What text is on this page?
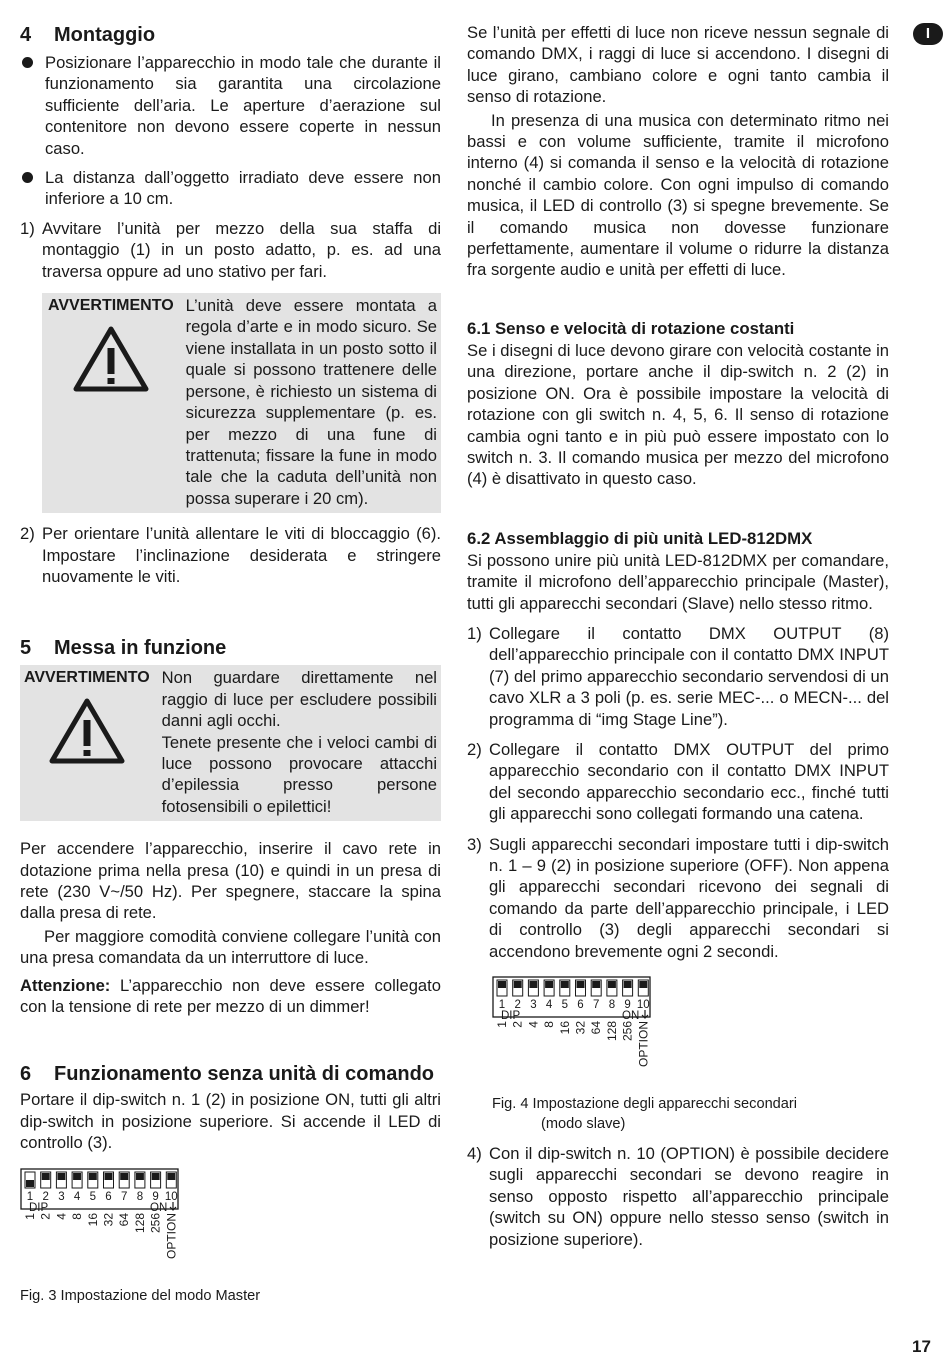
I
4	Montaggio

Posizionare l’apparecchio in modo tale che durante il funzionamento sia garantita una circolazione sufficiente dell’aria. Le aperture d’aerazione sul contenitore non devono essere coperte in nessun caso.

La distanza dall’oggetto irradiato deve essere non inferiore a 10 cm.

1) Avvitare l’unità per mezzo della sua staffa di montaggio (1) in un posto adatto, p. es. ad una traversa oppure ad uno stativo per fari.

AVVERTIMENTO L’unità deve essere montata a regola d’arte e in modo sicuro. Se viene installata in un posto sotto il quale si possono trattenere delle persone, è richiesto un sistema di sicurezza supplementare (p. es. per mezzo di una fune di trattenuta; fissare la fune in modo tale che la caduta dell’unità non possa superare i 20 cm).

2) Per orientare l’unità allentare le viti di bloccaggio (6). Impostare l’inclinazione desiderata e stringere nuovamente le viti.

5	Messa in funzione
AVVERTIMENTO Non guardare direttamente nel raggio di luce per escludere possibili danni agli occhi.

Tenete presente che i veloci cambi di luce possono provocare attacchi d’epilessia presso persone fotosensibili o epilettici!

Per accendere l’apparecchio, inserire il cavo rete in dotazione prima nella presa (10) e quindi in un presa di rete (230 V~/50 Hz). Per spegnere, staccare la spina dalla presa di rete.

Per maggiore comodità conviene collegare l’unità con una presa comandata da un interruttore di luce.

Attenzione: L’apparecchio non deve essere collegato con la tensione di rete per mezzo di un dimmer!

6	Funzionamento senza unità di comando

Portare il dip-switch n. 1 (2) in posizione ON, tutti gli altri dip-switch in posizione superiore. Si accende il LED di controllo (3).

1
1
2
2
3
4
4
8
5
16
6
32
7
64
8
128
9
256
10
OPTION
DIP	ON

Fig. 3 Impostazione del modo Master

Se l’unità per effetti di luce non riceve nessun segnale di comando DMX, i raggi di luce si accendono. I disegni di luce girano, cambiano colore e ogni tanto cambia il senso di rotazione.

In presenza di una musica con determinato ritmo nei bassi e con volume sufficiente, tramite il microfono interno (4) si comanda il senso e la velocità di rotazione nonché il cambio colore. Con ogni impulso di comando musica, il LED di controllo (3) si spegne brevemente. Se il comando musica non dovesse funzionare perfettamente, aumentare il volume o ridurre la distanza fra sorgente audio e unità per effetti di luce.

6.1 Senso e velocità di rotazione costanti

Se i disegni di luce devono girare con velocità costante in una direzione, portare anche il dip-switch n. 2 (2) in posizione ON. Ora è possibile impostare la velocità di rotazione con gli switch n. 4, 5, 6. Il senso di rotazione cambia ogni tanto e in più può essere impostato con lo switch n. 3. Il comando musica per mezzo del microfono (4) è disattivato in questo caso.

6.2 Assemblaggio di più unità LED-812DMX

Si possono unire più unità LED-812DMX per comandare, tramite il microfono dell’apparecchio principale (Master), tutti gli apparecchi secondari (Slave) nello stesso ritmo.

1) Collegare il contatto DMX OUTPUT (8) dell’apparecchio principale con il contatto DMX INPUT (7) del primo apparecchio secondario servendosi di un cavo XLR a 3 poli (p. es. serie MEC-... o MECN-... del programma di “img Stage Line”).

2) Collegare il contatto DMX OUTPUT del primo apparecchio secondario con il contatto DMX INPUT del secondo apparecchio secondario ecc., finché tutti gli apparecchi sono collegati formando una catena.

3) Sugli apparecchi secondari impostare tutti i dip-switch n. 1 – 9 (2) in posizione superiore (OFF). Non appena gli apparecchi secondari ricevono dei segnali di comando da parte dell’apparecchio principale, i LED di controllo (3) degli apparecchi secondari si accendono brevemente ogni 2 secondi.

1
1
2
2
3
4
4
8
5
16
6
32
7
64
8
128
9
256
10
OPTION
DIP	ON

Fig. 4 Impostazione degli apparecchi secondari

(modo slave)

4) Con il dip-switch n. 10 (OPTION) è possibile decidere sugli apparecchi secondari se devono reagire in senso opposto rispetto all’apparecchio principale (switch su ON) oppure nello stesso senso (switch in posizione superiore).

17
